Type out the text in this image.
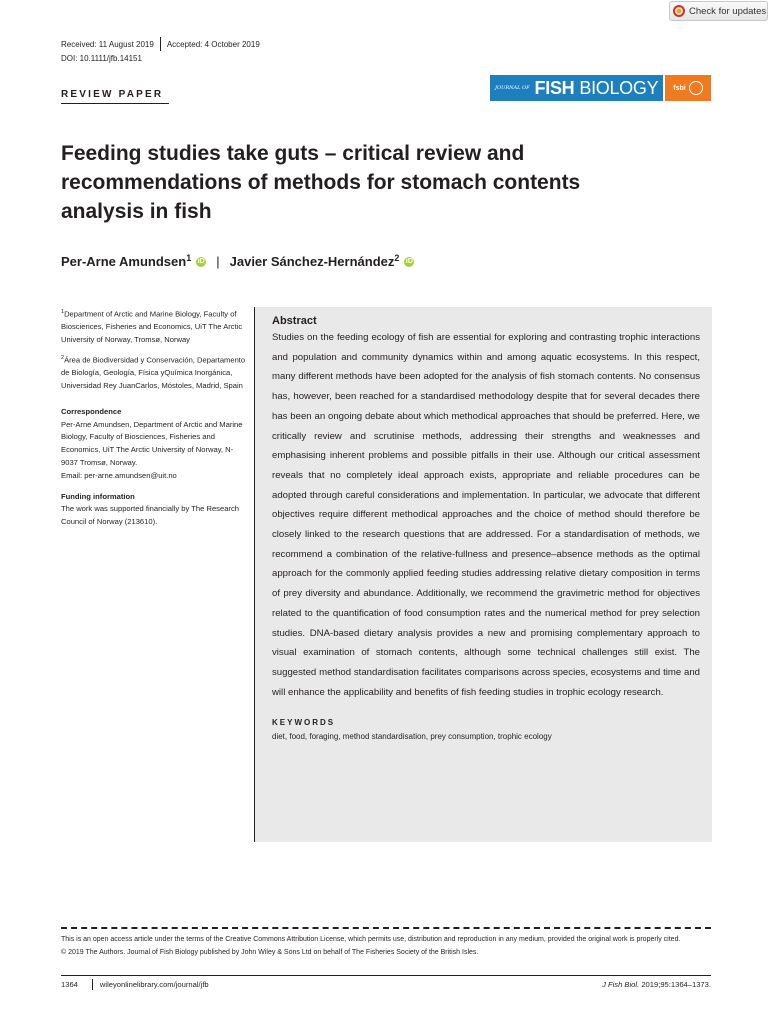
Check for updates
Received: 11 August 2019 Accepted: 4 October 2019
DOI: 10.1111/jfb.14151
REVIEW PAPER
JOURNAL OF FISH BIOLOGY fsbi
Feeding studies take guts – critical review and recommendations of methods for stomach contents analysis in fish
Per-Arne Amundsen$^1$ iD | Javier Sánchez-Hernández$^2$ iD

$^1$Department of Arctic and Marine Biology, Faculty of Biosciences, Fisheries and Economics, UiT The Arctic University of Norway, Tromsø, Norway

$^2$Área de Biodiversidad y Conservación, Departamento de Biología, Geología, Física yQuímica Inorgánica, Universidad Rey JuanCarlos, Móstoles, Madrid, Spain

Correspondence
Per-Arne Amundsen, Department of Arctic and Marine Biology, Faculty of Biosciences, Fisheries and Economics, UiT The Arctic University of Norway, N-9037 Tromsø, Norway.
Email: per-arne.amundsen@uit.no
Funding information
The work was supported financially by The Research Council of Norway (213610).
Abstract

Studies on the feeding ecology of fish are essential for exploring and contrasting trophic interactions and population and community dynamics within and among aquatic ecosystems. In this respect, many different methods have been adopted for the analysis of fish stomach contents. No consensus has, however, been reached for a standardised methodology despite that for several decades there has been an ongoing debate about which methodical approaches that should be preferred. Here, we critically review and scrutinise methods, addressing their strengths and weaknesses and emphasising inherent problems and possible pitfalls in their use. Although our critical assessment reveals that no completely ideal approach exists, appropriate and reliable procedures can be adopted through careful considerations and implementation. In particular, we advocate that different objectives require different methodical approaches and the choice of method should therefore be closely linked to the research questions that are addressed. For a standardisation of methods, we recommend a combination of the relative-fullness and presence–absence methods as the optimal approach for the commonly applied feeding studies addressing relative dietary composition in terms of prey diversity and abundance. Additionally, we recommend the gravimetric method for objectives related to the quantification of food consumption rates and the numerical method for prey selection studies. DNA-based dietary analysis provides a new and promising complementary approach to visual examination of stomach contents, although some technical challenges still exist. The suggested method standardisation facilitates comparisons across species, ecosystems and time and will enhance the applicability and benefits of fish feeding studies in trophic ecology research.

KEYWORDS
diet, food, foraging, method standardisation, prey consumption, trophic ecology
This is an open access article under the terms of the Creative Commons Attribution License, which permits use, distribution and reproduction in any medium, provided the original work is properly cited.
© 2019 The Authors. Journal of Fish Biology published by John Wiley & Sons Ltd on behalf of The Fisheries Society of the British Isles.
1364	wileyonlinelibrary.com/journal/jfb	J Fish Biol. 2019;95:1364–1373.
